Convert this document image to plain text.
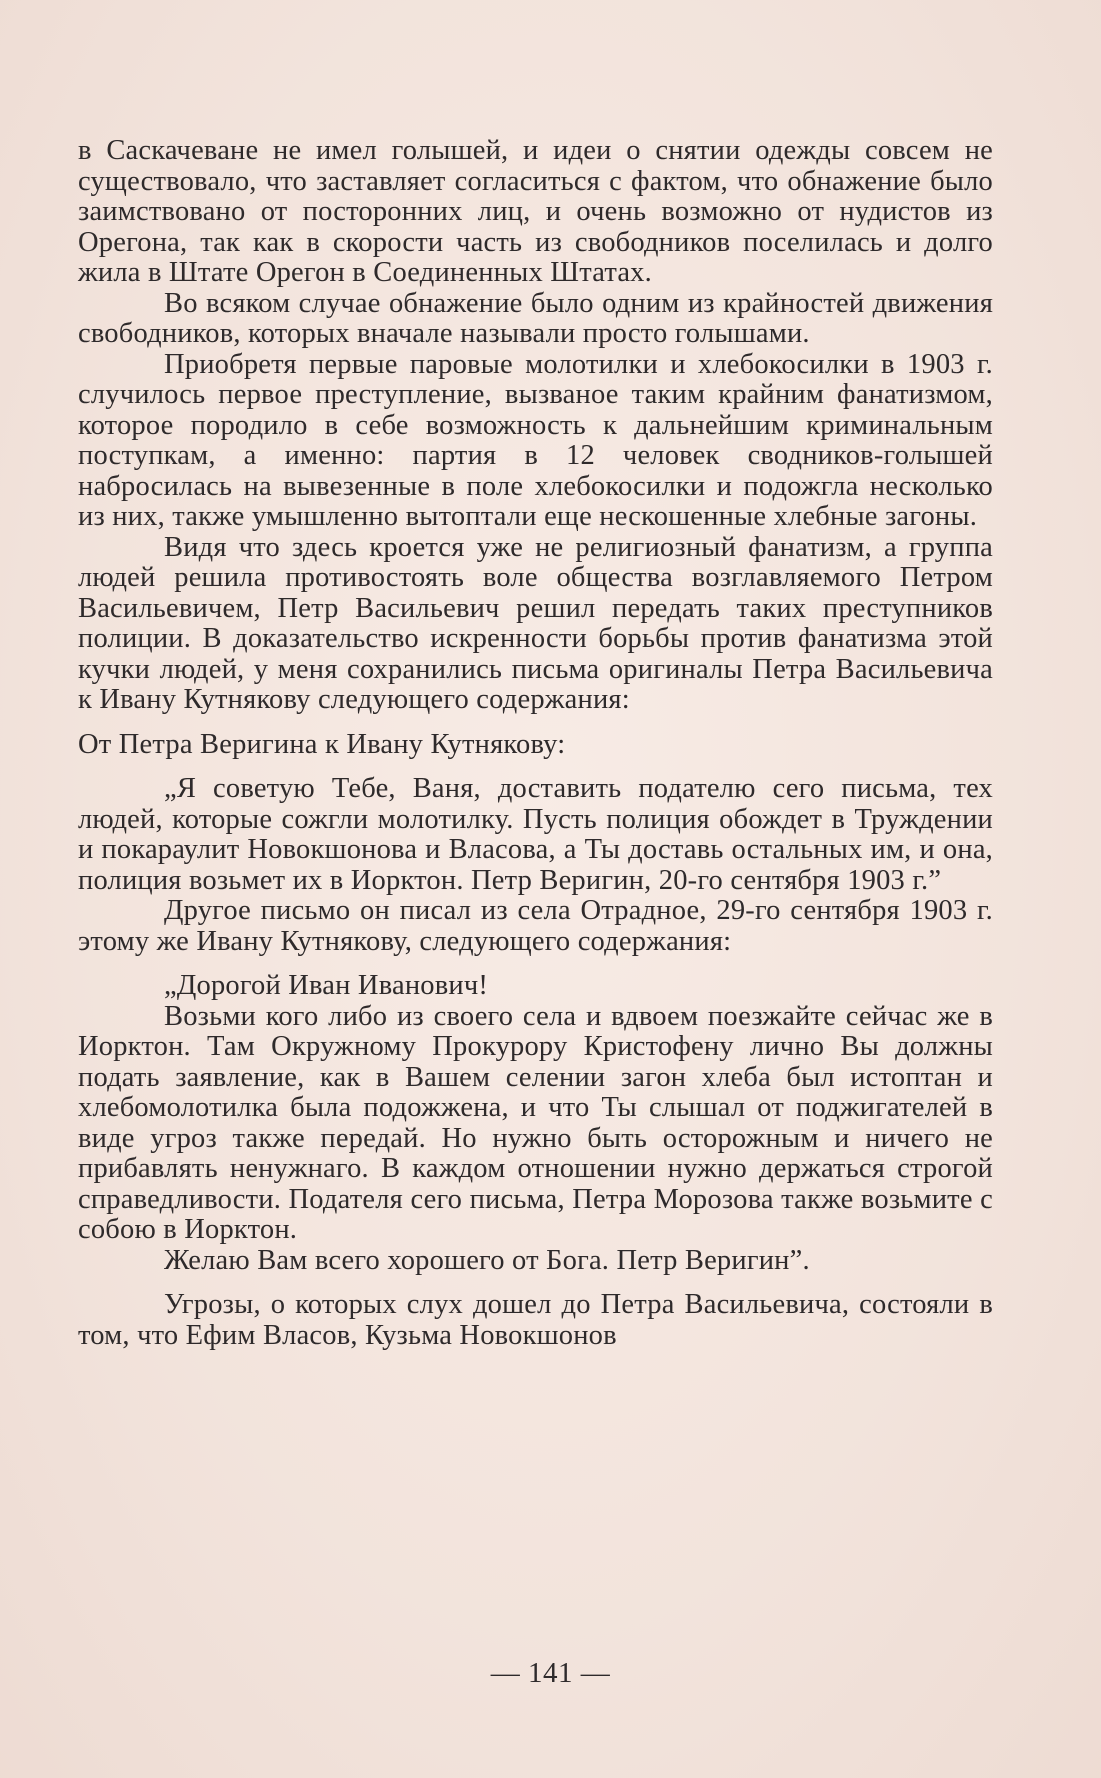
в Саскачеване не имел голышей, и идеи о снятии одежды совсем не существовало, что заставляет согласиться с фактом, что обнажение было заимствовано от посторонних лиц, и очень возможно от нудистов из Орегона, так как в скорости часть из свободников поселилась и долго жила в Штате Орегон в Соединенных Штатах.

Во всяком случае обнажение было одним из крайностей движения свободников, которых вначале называли просто голышами.

Приобретя первые паровые молотилки и хлебокосилки в 1903 г. случилось первое преступление, вызваное таким крайним фанатизмом, которое породило в себе возможность к дальнейшим криминальным поступкам, а именно: партия в 12 человек сводников-голышей набросилась на вывезенные в поле хлебокосилки и подожгла несколько из них, также умышленно вытоптали еще нескошенные хлебные загоны.

Видя что здесь кроется уже не религиозный фанатизм, а группа людей решила противостоять воле общества возглавляемого Петром Васильевичем, Петр Васильевич решил передать таких преступников полиции. В доказательство искренности борьбы против фанатизма этой кучки людей, у меня сохранились письма оригиналы Петра Васильевича к Ивану Кутнякову следующего содержания:

От Петра Веригина к Ивану Кутнякову:

„Я советую Тебе, Ваня, доставить подателю сего письма, тех людей, которые сожгли молотилку. Пусть полиция обождет в Труждении и покараулит Новокшонова и Власова, а Ты доставь остальных им, и она, полиция возьмет их в Иорктон. Петр Веригин, 20-го сентября 1903 г.”

Другое письмо он писал из села Отрадное, 29-го сентября 1903 г. этому же Ивану Кутнякову, следующего содержания:

„Дорогой Иван Иванович!

Возьми кого либо из своего села и вдвоем поезжайте сейчас же в Иорктон. Там Окружному Прокурору Кристофену лично Вы должны подать заявление, как в Вашем селении загон хлеба был истоптан и хлебомолотилка была подожжена, и что Ты слышал от поджигателей в виде угроз также передай. Но нужно быть осторожным и ничего не прибавлять ненужнаго. В каждом отношении нужно держаться строгой справедливости. Подателя сего письма, Петра Морозова также возьмите с собою в Иорктон.

Желаю Вам всего хорошего от Бога. Петр Веригин”.

Угрозы, о которых слух дошел до Петра Васильевича, состояли в том, что Ефим Власов, Кузьма Новокшонов

— 141 —
